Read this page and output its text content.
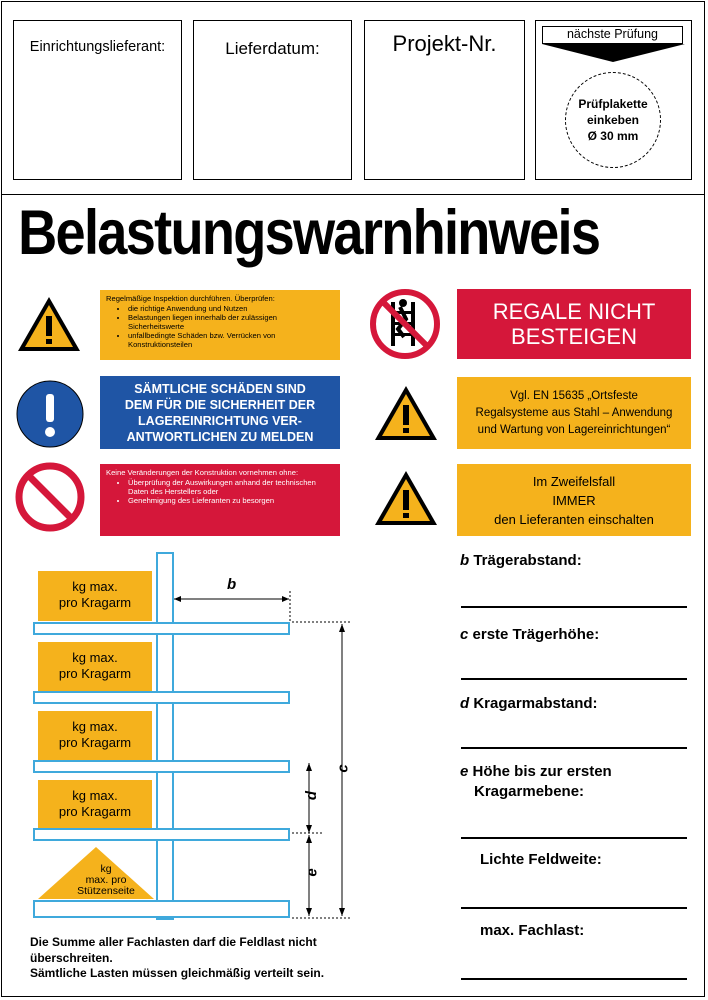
Einrichtungslieferant:	Lieferdatum:	Projekt-Nr.	nächste Prüfung
Prüfplakette
einkeben
Ø 30 mm
Belastungswarnhinweis
Regelmäßige Inspektion durchführen. Überprüfen:
• die richtige Anwendung und Nutzen
• Belastungen liegen innerhalb der zulässigen Sicherheitswerte
• unfallbedingte Schäden bzw. Verrücken von Konstruktionsteilen
REGALE NICHT
BESTEIGEN
SÄMTLICHE SCHÄDEN SIND
DEM FÜR DIE SICHERHEIT DER
LAGEREINRICHTUNG VER-
ANTWORTLICHEN ZU MELDEN
Vgl. EN 15635 „Ortsfeste
Regalsysteme aus Stahl – Anwendung
und Wartung von Lagereinrichtungen“
Keine Veränderungen der Konstruktion vornehmen ohne:
• Überprüfung der Auswirkungen anhand der technischen Daten des Herstellers oder
• Genehmigung des Lieferanten zu besorgen
Im Zweifelsfall
IMMER
den Lieferanten einschalten
kg max.
pro Kragarm
kg max.
pro Kragarm
kg max.
pro Kragarm
kg max.
pro Kragarm
kg
max. pro
Stützenseite
b
c
d
e
b Trägerabstand:
c erste Trägerhöhe:
d Kragarmabstand:
e Höhe bis zur ersten
Kragarmebene:
Lichte Feldweite:
max. Fachlast:
Die Summe aller Fachlasten darf die Feldlast nicht
überschreiten.
Sämtliche Lasten müssen gleichmäßig verteilt sein.
